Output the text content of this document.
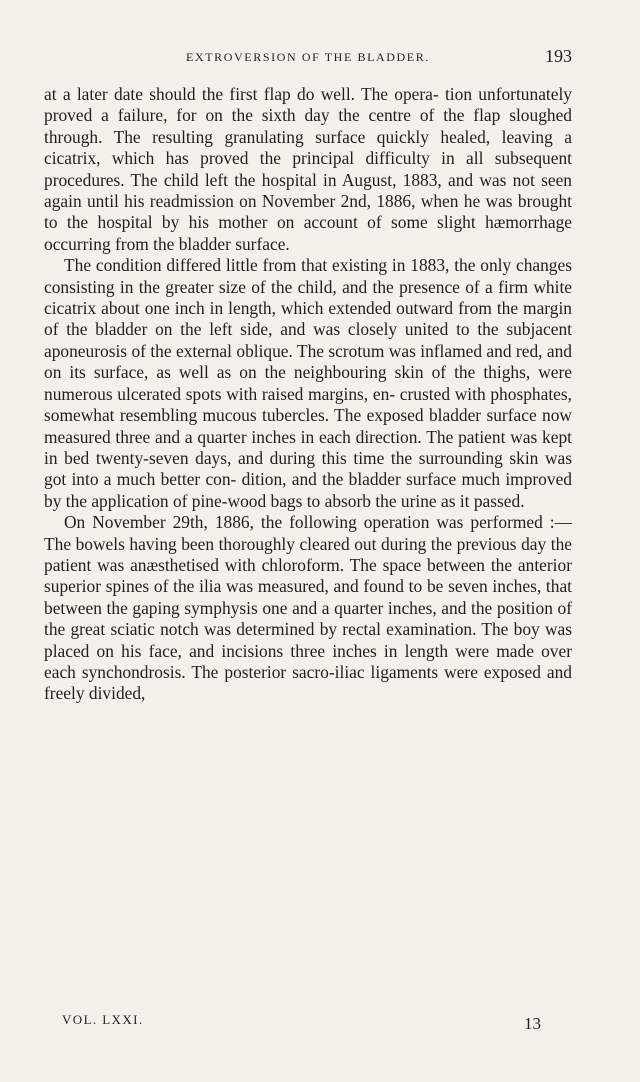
EXTROVERSION OF THE BLADDER.	193

at a later date should the first flap do well. The opera- tion unfortunately proved a failure, for on the sixth day the centre of the flap sloughed through. The resulting granulating surface quickly healed, leaving a cicatrix, which has proved the principal difficulty in all subsequent procedures. The child left the hospital in August, 1883, and was not seen again until his readmission on November 2nd, 1886, when he was brought to the hospital by his mother on account of some slight hæmorrhage occurring from the bladder surface.

The condition differed little from that existing in 1883, the only changes consisting in the greater size of the child, and the presence of a firm white cicatrix about one inch in length, which extended outward from the margin of the bladder on the left side, and was closely united to the subjacent aponeurosis of the external oblique. The scrotum was inflamed and red, and on its surface, as well as on the neighbouring skin of the thighs, were numerous ulcerated spots with raised margins, en- crusted with phosphates, somewhat resembling mucous tubercles. The exposed bladder surface now measured three and a quarter inches in each direction. The patient was kept in bed twenty-seven days, and during this time the surrounding skin was got into a much better con- dition, and the bladder surface much improved by the application of pine-wood bags to absorb the urine as it passed.

On November 29th, 1886, the following operation was performed :—The bowels having been thoroughly cleared out during the previous day the patient was anæsthetised with chloroform. The space between the anterior superior spines of the ilia was measured, and found to be seven inches, that between the gaping symphysis one and a quarter inches, and the position of the great sciatic notch was determined by rectal examination. The boy was placed on his face, and incisions three inches in length were made over each synchondrosis. The posterior sacro-iliac ligaments were exposed and freely divided,

VOL. LXXI.	13
